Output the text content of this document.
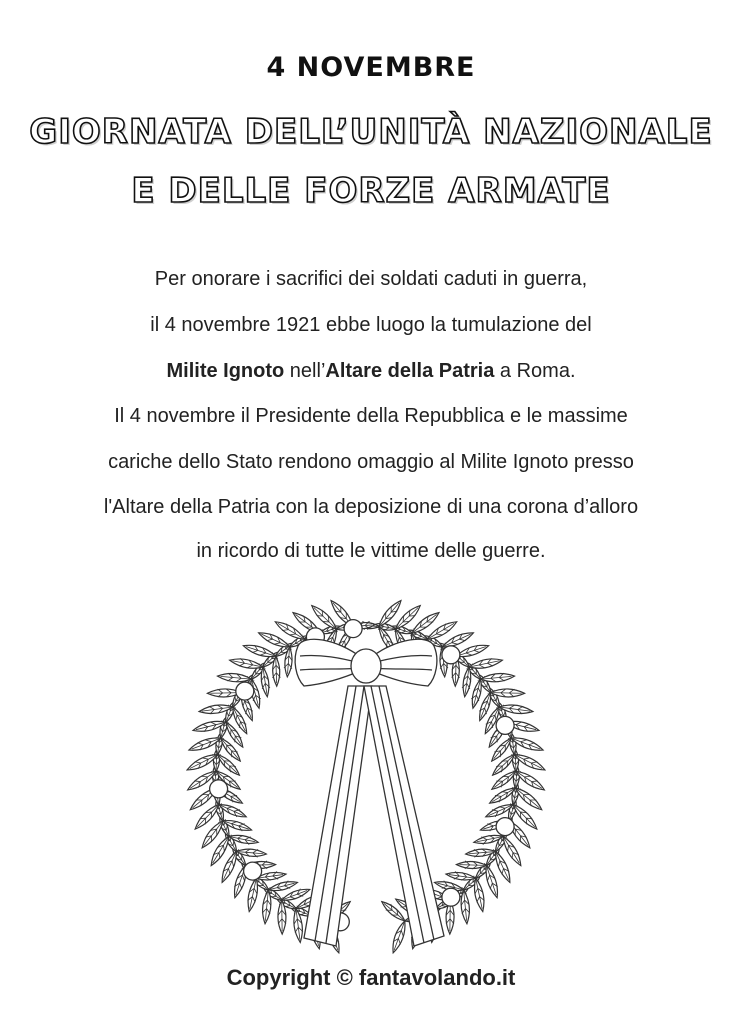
4 NOVEMBRE
GIORNATA DELL’UNITÀ NAZIONALE
E DELLE FORZE ARMATE
Per onorare i sacrifici dei soldati caduti in guerra,
il 4 novembre 1921 ebbe luogo la tumulazione del
Milite Ignoto nell’Altare della Patria a Roma.
Il 4 novembre il Presidente della Repubblica e le massime
cariche dello Stato rendono omaggio al Milite Ignoto presso
l'Altare della Patria con la deposizione di una corona d’alloro
in ricordo di tutte le vittime delle guerre.
Copyright © fantavolando.it
